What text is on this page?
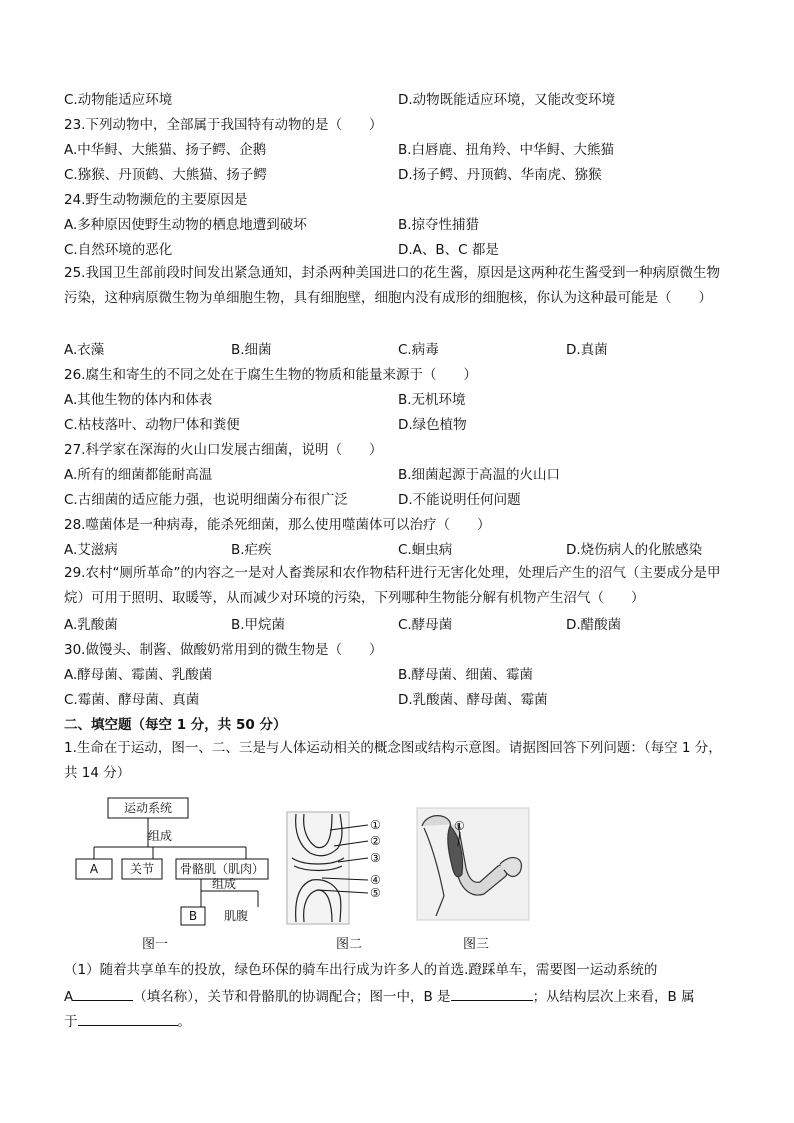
C.动物能适应环境	D.动物既能适应环境，又能改变环境
23.下列动物中，全部属于我国特有动物的是（　　）
A.中华鲟、大熊猫、扬子鳄、企鹅	B.白唇鹿、扭角羚、中华鲟、大熊猫
C.猕猴、丹顶鹤、大熊猫、扬子鳄	D.扬子鳄、丹顶鹤、华南虎、猕猴
24.野生动物濒危的主要原因是
A.多种原因使野生动物的栖息地遭到破坏	B.掠夺性捕猎
C.自然环境的恶化	D.A、B、C 都是
25.我国卫生部前段时间发出紧急通知，封杀两种美国进口的花生酱，原因是这两种花生酱受到一种病原微生物污染，这种病原微生物为单细胞生物，具有细胞壁，细胞内没有成形的细胞核，你认为这种最可能是（　　）
A.衣藻	B.细菌	C.病毒	D.真菌
26.腐生和寄生的不同之处在于腐生生物的物质和能量来源于（　　）
A.其他生物的体内和体表	B.无机环境
C.枯枝落叶、动物尸体和粪便	D.绿色植物
27.科学家在深海的火山口发展古细菌，说明（　　）
A.所有的细菌都能耐高温	B.细菌起源于高温的火山口
C.古细菌的适应能力强，也说明细菌分布很广泛	D.不能说明任何问题
28.噬菌体是一种病毒，能杀死细菌，那么使用噬菌体可以治疗（　　）
A.艾滋病	B.疟疾	C.蛔虫病	D.烧伤病人的化脓感染
29.农村“厕所革命”的内容之一是对人畜粪尿和农作物秸秆进行无害化处理，处理后产生的沼气（主要成分是甲烷）可用于照明、取暖等，从而减少对环境的污染，下列哪种生物能分解有机物产生沼气（　　）
A.乳酸菌	B.甲烷菌	C.酵母菌	D.醋酸菌
30.做馒头、制酱、做酸奶常用到的微生物是（　　）
A.酵母菌、霉菌、乳酸菌	B.酵母菌、细菌、霉菌
C.霉菌、酵母菌、真菌	D.乳酸菌、酵母菌、霉菌
二、填空题（每空 1 分，共 50 分）
1.生命在于运动，图一、二、三是与人体运动相关的概念图或结构示意图。请据图回答下列问题：（每空 1 分，共 14 分）
运动系统
组成
A	关节 骨骼肌（肌肉）
组成
B 肌腹
图一
①
②
③
④
⑤
图二
①
图三
（1）随着共享单车的投放，绿色环保的骑车出行成为许多人的首选.蹬踩单车，需要图一运动系统的
A	（填名称），关节和骨骼肌的协调配合；图一中，B 是	；从结构层次上来看，B 属
于	。
